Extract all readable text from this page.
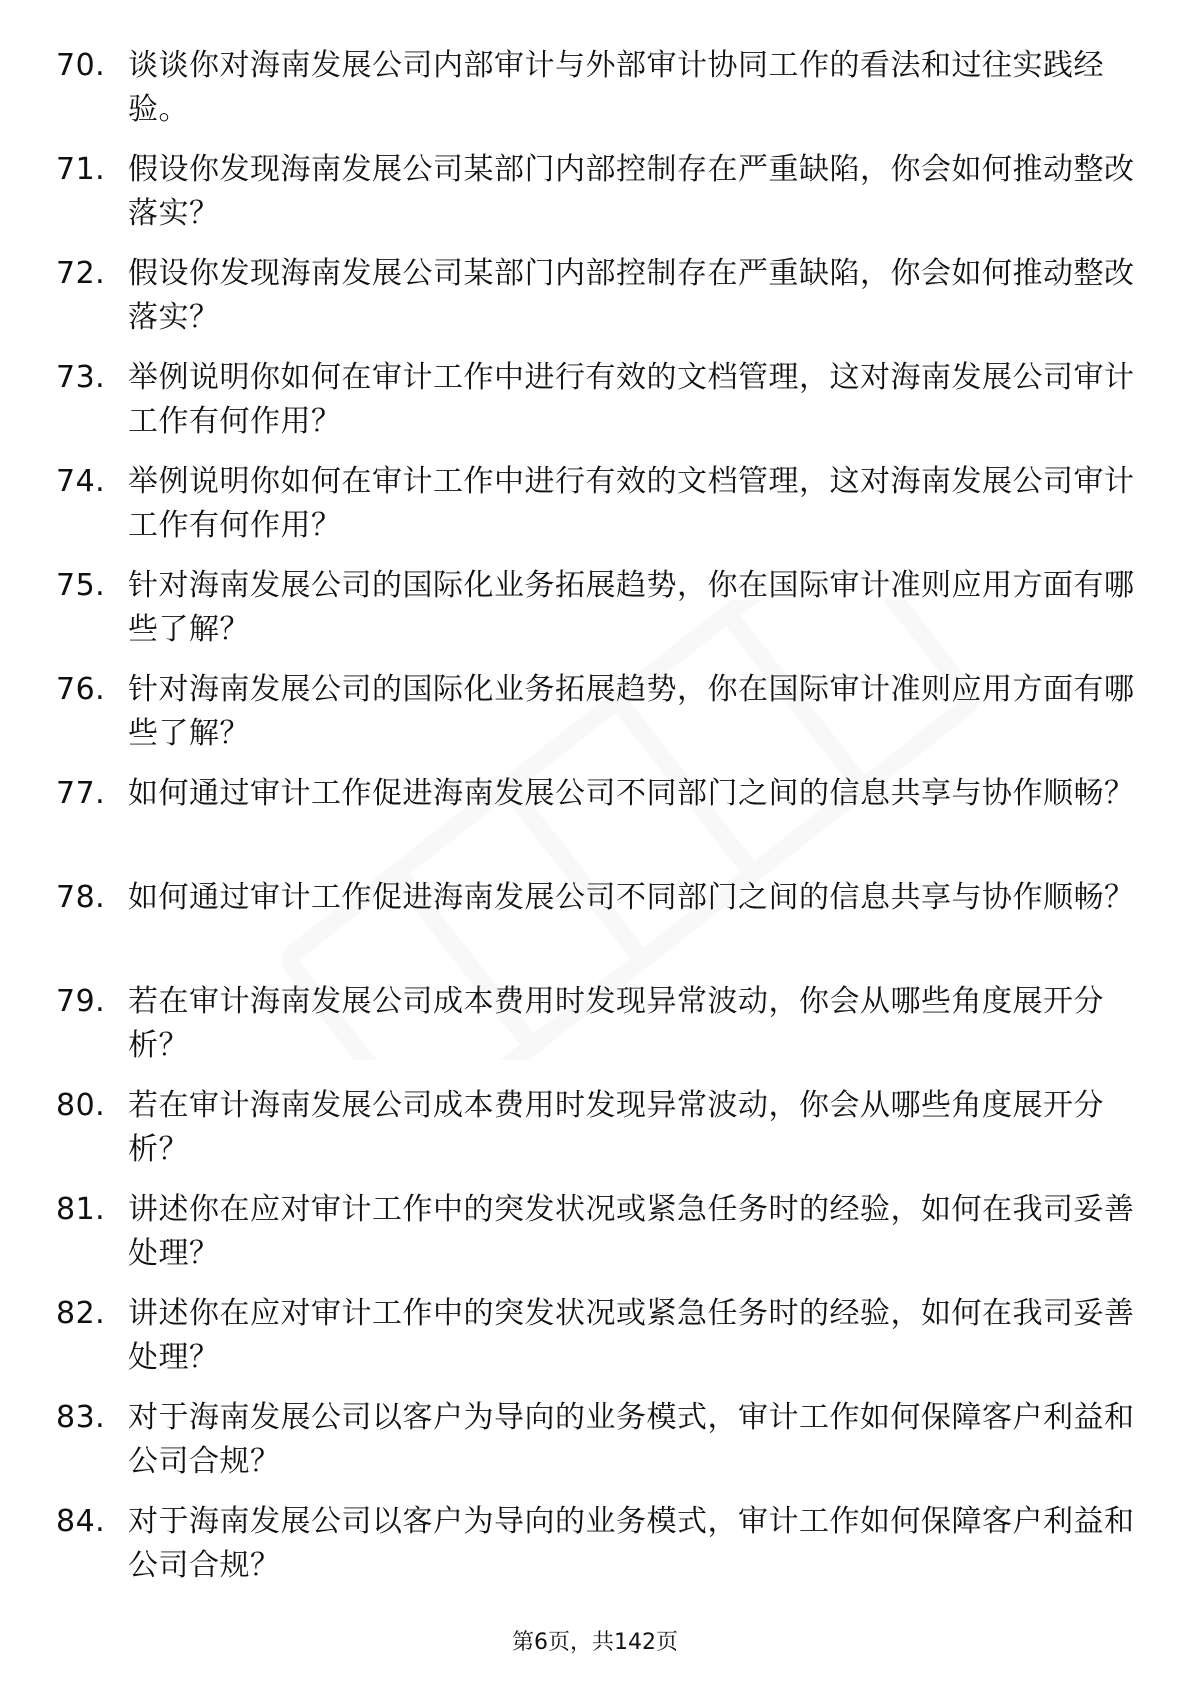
70. 谈谈你对海南发展公司内部审计与外部审计协同工作的看法和过往实践经验。
71. 假设你发现海南发展公司某部门内部控制存在严重缺陷，你会如何推动整改落实？
72. 假设你发现海南发展公司某部门内部控制存在严重缺陷，你会如何推动整改落实？
73. 举例说明你如何在审计工作中进行有效的文档管理，这对海南发展公司审计工作有何作用？
74. 举例说明你如何在审计工作中进行有效的文档管理，这对海南发展公司审计工作有何作用？
75. 针对海南发展公司的国际化业务拓展趋势，你在国际审计准则应用方面有哪些了解？
76. 针对海南发展公司的国际化业务拓展趋势，你在国际审计准则应用方面有哪些了解？
77. 如何通过审计工作促进海南发展公司不同部门之间的信息共享与协作顺畅？
78. 如何通过审计工作促进海南发展公司不同部门之间的信息共享与协作顺畅？
79. 若在审计海南发展公司成本费用时发现异常波动，你会从哪些角度展开分析？
80. 若在审计海南发展公司成本费用时发现异常波动，你会从哪些角度展开分析？
81. 讲述你在应对审计工作中的突发状况或紧急任务时的经验，如何在我司妥善处理？
82. 讲述你在应对审计工作中的突发状况或紧急任务时的经验，如何在我司妥善处理？
83. 对于海南发展公司以客户为导向的业务模式，审计工作如何保障客户利益和公司合规？
84. 对于海南发展公司以客户为导向的业务模式，审计工作如何保障客户利益和公司合规？
第6页，共142页
